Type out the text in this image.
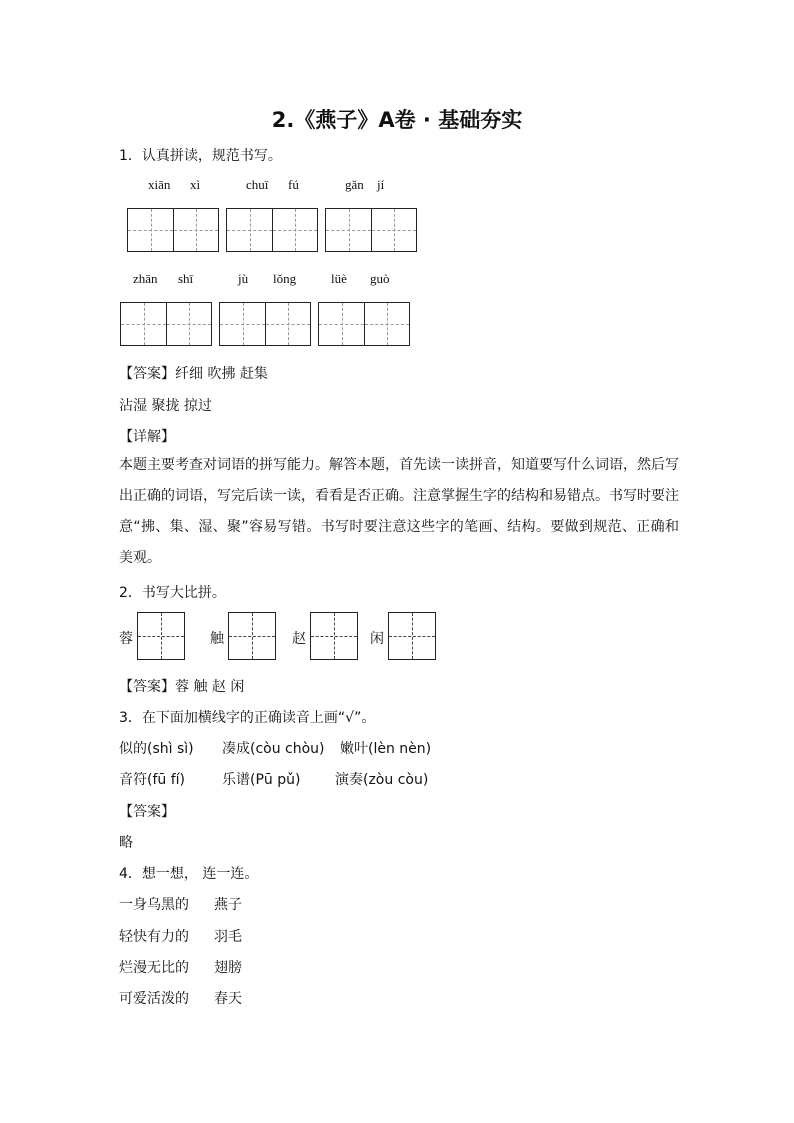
2.《燕子》A卷 · 基础夯实
1．认真拼读，规范书写。
xiān xì	chuī fú	gǎn jí
zhān shī	jù lǒng	lüè guò
【答案】纤细 吹拂 赶集
沾湿 聚拢 掠过
【详解】
本题主要考查对词语的拼写能力。解答本题，首先读一读拼音，知道要写什么词语，然后写出正确的词语，写完后读一读，看看是否正确。注意掌握生字的结构和易错点。书写时要注意“拂、集、湿、聚”容易写错。书写时要注意这些字的笔画、结构。要做到规范、正确和美观。
2．书写大比拼。
蓉	触	赵	闲
【答案】蓉 触 赵 闲
3．在下面加横线字的正确读音上画“√”。
似的(shì sì) 凑成(còu chòu) 嫩叶(lèn nèn)
音符(fū fí)	乐谱(Pū pǔ) 演奏(zòu còu)
【答案】
略
4．想一想， 连一连。
一身乌黑的 燕子
轻快有力的 羽毛
烂漫无比的 翅膀
可爱活泼的 春天
